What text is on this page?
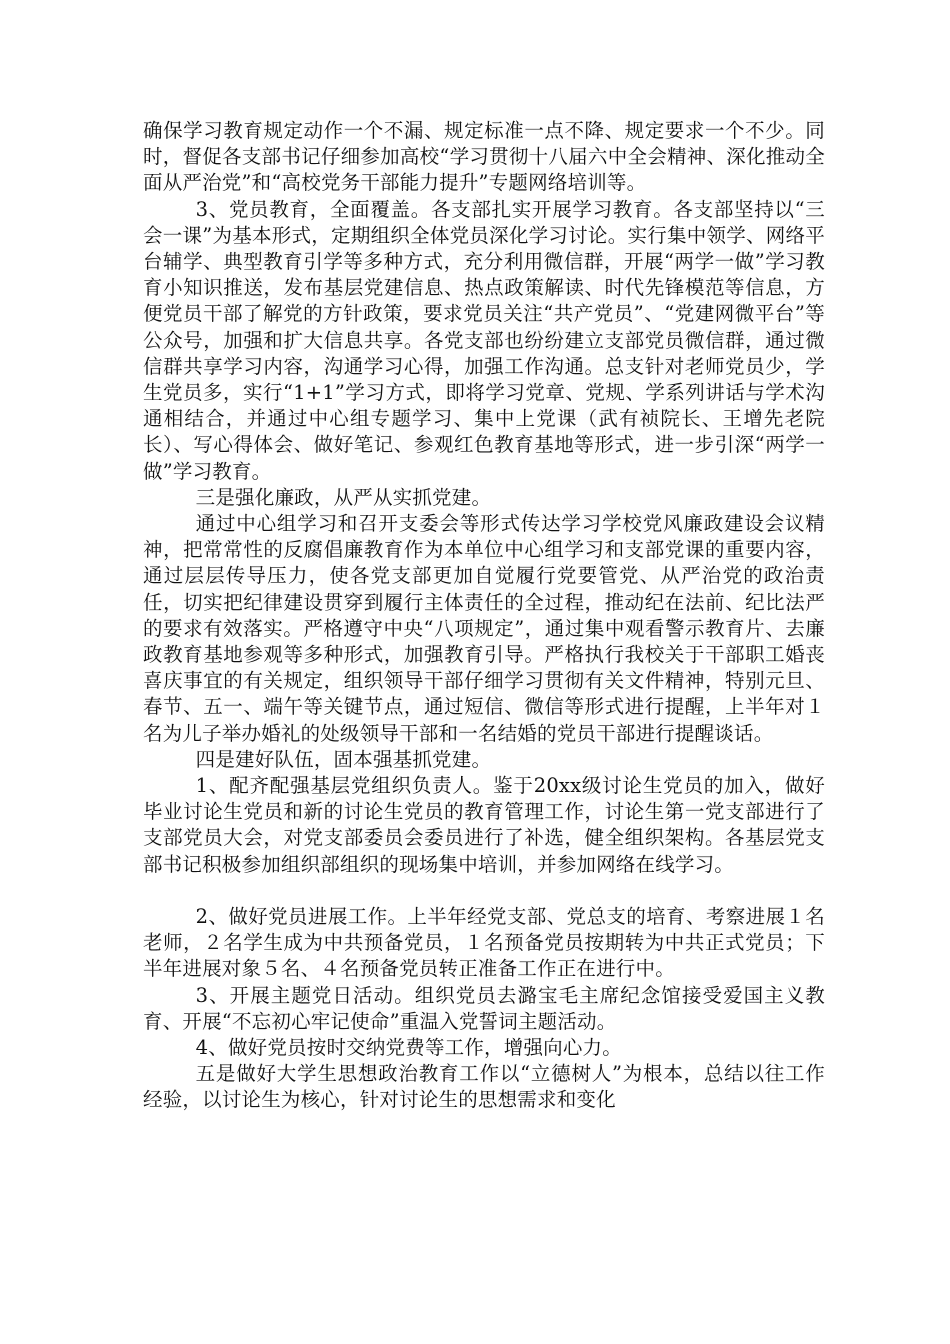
确保学习教育规定动作一个不漏、规定标准一点不降、规定要求一个不少。同时，督促各支部书记仔细参加高校“学习贯彻十八届六中全会精神、深化推动全面从严治党”和“高校党务干部能力提升”专题网络培训等。

3、党员教育，全面覆盖。各支部扎实开展学习教育。各支部坚持以“三会一课”为基本形式，定期组织全体党员深化学习讨论。实行集中领学、网络平台辅学、典型教育引学等多种方式，充分利用微信群，开展“两学一做”学习教育小知识推送，发布基层党建信息、热点政策解读、时代先锋模范等信息，方便党员干部了解党的方针政策，要求党员关注“共产党员”、“党建网微平台”等公众号，加强和扩大信息共享。各党支部也纷纷建立支部党员微信群，通过微信群共享学习内容，沟通学习心得，加强工作沟通。总支针对老师党员少，学生党员多，实行“1+1”学习方式，即将学习党章、党规、学系列讲话与学术沟通相结合，并通过中心组专题学习、集中上党课（武有祯院长、王增先老院长）、写心得体会、做好笔记、参观红色教育基地等形式，进一步引深“两学一做”学习教育。

三是强化廉政，从严从实抓党建。

通过中心组学习和召开支委会等形式传达学习学校党风廉政建设会议精神，把常常性的反腐倡廉教育作为本单位中心组学习和支部党课的重要内容，通过层层传导压力，使各党支部更加自觉履行党要管党、从严治党的政治责任，切实把纪律建设贯穿到履行主体责任的全过程，推动纪在法前、纪比法严的要求有效落实。严格遵守中央“八项规定”，通过集中观看警示教育片、去廉政教育基地参观等多种形式，加强教育引导。严格执行我校关于干部职工婚丧喜庆事宜的有关规定，组织领导干部仔细学习贯彻有关文件精神，特别元旦、春节、五一、端午等关键节点，通过短信、微信等形式进行提醒，上半年对１名为儿子举办婚礼的处级领导干部和一名结婚的党员干部进行提醒谈话。

四是建好队伍，固本强基抓党建。

1、配齐配强基层党组织负责人。鉴于20xx级讨论生党员的加入，做好毕业讨论生党员和新的讨论生党员的教育管理工作，讨论生第一党支部进行了支部党员大会，对党支部委员会委员进行了补选，健全组织架构。各基层党支部书记积极参加组织部组织的现场集中培训，并参加网络在线学习。

2、做好党员进展工作。上半年经党支部、党总支的培育、考察进展１名老师，２名学生成为中共预备党员，１名预备党员按期转为中共正式党员；下半年进展对象５名、４名预备党员转正准备工作正在进行中。

3、开展主题党日活动。组织党员去潞宝毛主席纪念馆接受爱国主义教育、开展“不忘初心牢记使命”重温入党誓词主题活动。

4、做好党员按时交纳党费等工作，增强向心力。

五是做好大学生思想政治教育工作以“立德树人”为根本，总结以往工作经验，以讨论生为核心，针对讨论生的思想需求和变化
